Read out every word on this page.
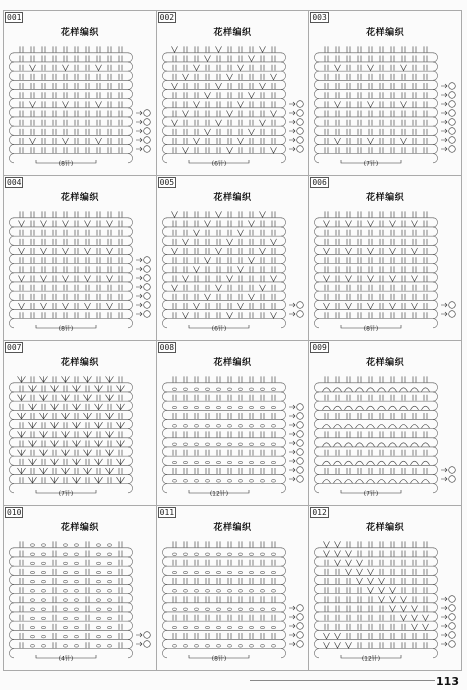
001
花样编织
(8针)
002
花样编织
(6针)
003
花样编织
(7针)
004
花样编织
(8针)
005
花样编织
(6针)
006
花样编织
(8针)
007
花样编织
(7针)
008
花样编织
(12针)
009
花样编织
(7针)
010
花样编织
(4针)
011
花样编织
(8针)
012
花样编织
(12针)
113
